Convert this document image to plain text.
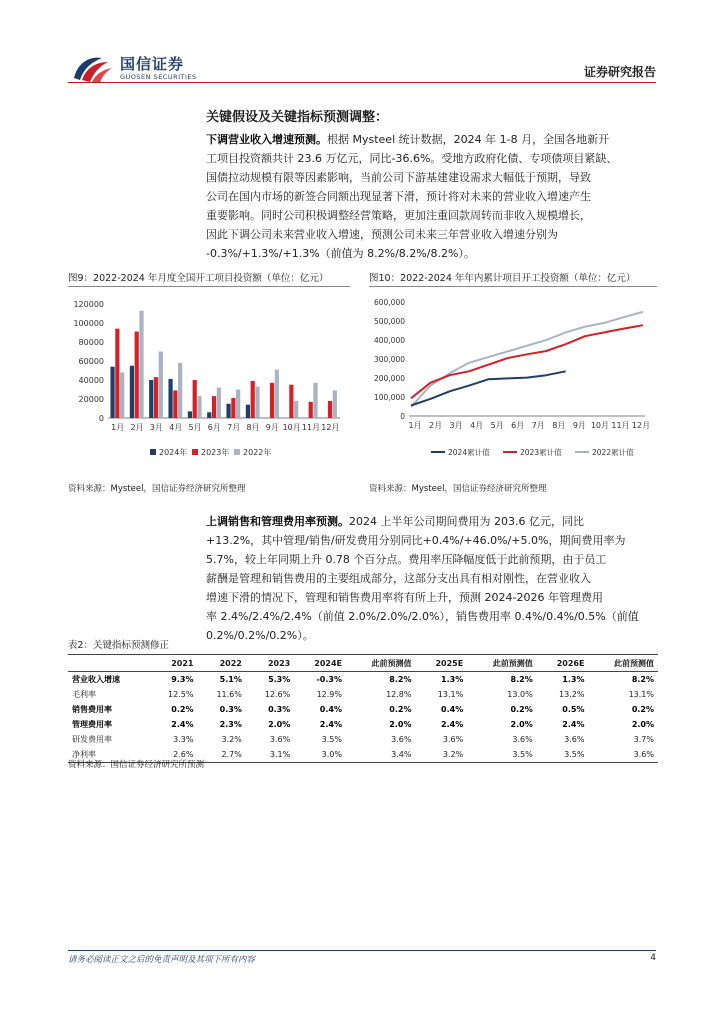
国信证券
GUOSEN SECURITIES	证券研究报告
关键假设及关键指标预测调整：
下调营业收入增速预测。根据 Mysteel 统计数据，2024 年 1-8 月，全国各地新开
工项目投资额共计 23.6 万亿元，同比-36.6%。受地方政府化债、专项债项目紧缺、
国债拉动规模有限等因素影响，当前公司下游基建建设需求大幅低于预期，导致
公司在国内市场的新签合同额出现显著下滑，预计将对未来的营业收入增速产生
重要影响。同时公司积极调整经营策略，更加注重回款周转而非收入规模增长，
因此下调公司未来营业收入增速，预测公司未来三年营业收入增速分别为
-0.3%/+1.3%/+1.3%（前值为 8.2%/8.2%/8.2%）。
图9：2022-2024 年月度全国开工项目投资额（单位：亿元）
0
20000
40000
60000
80000
100000
120000
1月 2月 3月 4月 5月 6月 7月 8月 9月 10月 11月 12月
2024年 2023年 2022年
资料来源：Mysteel，国信证券经济研究所整理
图10：2022-2024 年年内累计项目开工投资额（单位：亿元）
0
100,000
200,000
300,000
400,000
500,000
600,000
1月 2月 3月 4月 5月 6月 7月 8月 9月 10月 11月 12月
2024累计值	2023累计值	2022累计值
资料来源：Mysteel，国信证券经济研究所整理
上调销售和管理费用率预测。2024 上半年公司期间费用为 203.6 亿元，同比
+13.2%，其中管理/销售/研发费用分别同比+0.4%/+46.0%/+5.0%，期间费用率为
5.7%，较上年同期上升 0.78 个百分点。费用率压降幅度低于此前预期，由于员工
薪酬是管理和销售费用的主要组成部分，这部分支出具有相对刚性，在营业收入
增速下滑的情况下，管理和销售费用率将有所上升，预测 2024-2026 年管理费用
率 2.4%/2.4%/2.4%（前值 2.0%/2.0%/2.0%），销售费用率 0.4%/0.4%/0.5%（前值
0.2%/0.2%/0.2%）。
表2：关键指标预测修正
	2021	2022	2023	2024E	此前预测值	2025E	此前预测值	2026E	此前预测值
营业收入增速	9.3%	5.1%	5.3%	-0.3%	8.2%	1.3%	8.2%	1.3%	8.2%
毛利率	12.5%	11.6%	12.6%	12.9%	12.8%	13.1%	13.0%	13.2%	13.1%
销售费用率	0.2%	0.3%	0.3%	0.4%	0.2%	0.4%	0.2%	0.5%	0.2%
管理费用率	2.4%	2.3%	2.0%	2.4%	2.0%	2.4%	2.0%	2.4%	2.0%
研发费用率	3.3%	3.2%	3.6%	3.5%	3.6%	3.6%	3.6%	3.6%	3.7%
净利率	2.6%	2.7%	3.1%	3.0%	3.4%	3.2%	3.5%	3.5%	3.6%
资料来源：国信证券经济研究所预测
请务必阅读正文之后的免责声明及其项下所有内容	4
